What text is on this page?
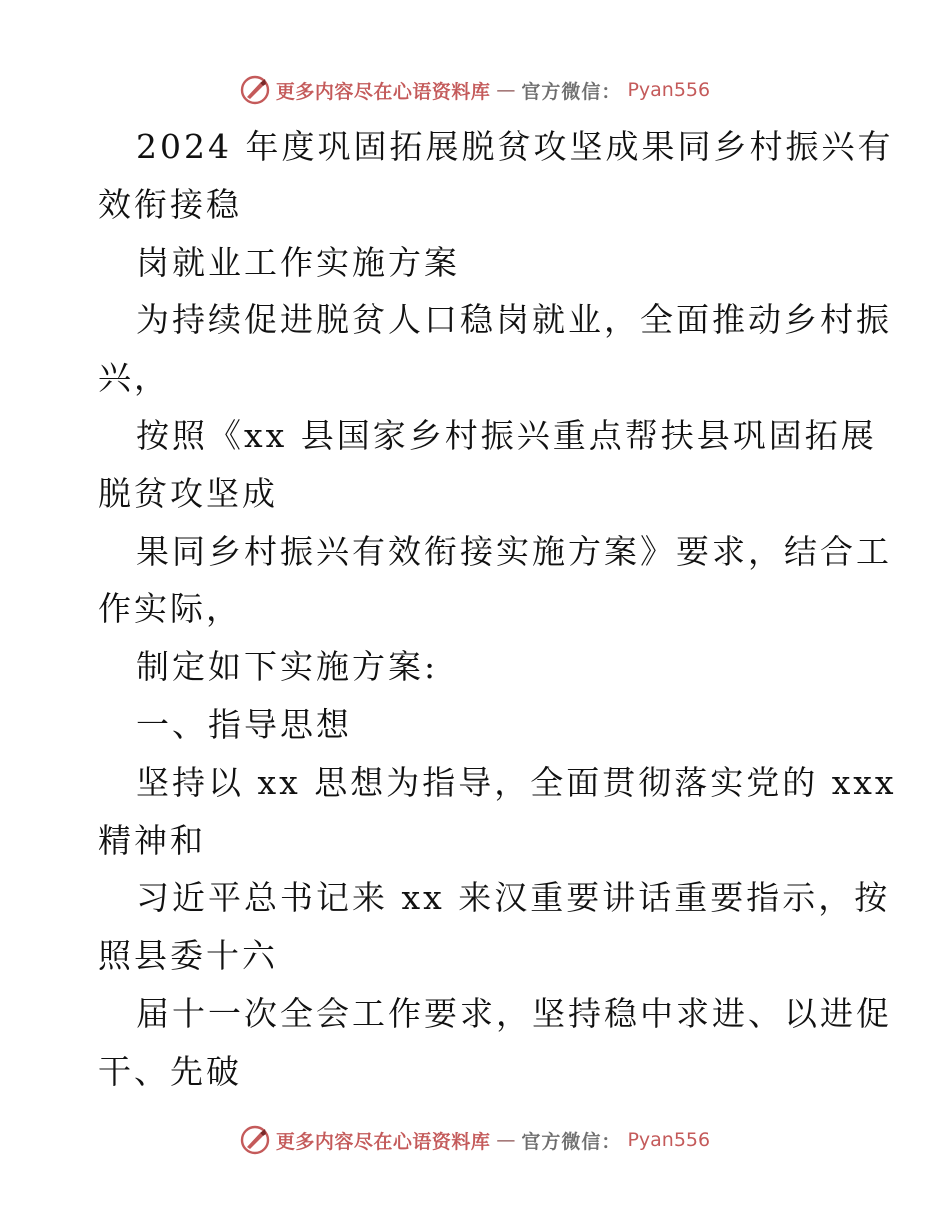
更多内容尽在心语资料库 — 官方微信： Pyan556
2024 年度巩固拓展脱贫攻坚成果同乡村振兴有
效衔接稳
岗就业工作实施方案
为持续促进脱贫人口稳岗就业，全面推动乡村振
兴，
按照《xx 县国家乡村振兴重点帮扶县巩固拓展
脱贫攻坚成
果同乡村振兴有效衔接实施方案》要求，结合工
作实际，
制定如下实施方案:
一、指导思想
坚持以 xx 思想为指导，全面贯彻落实党的 xxx
精神和
习近平总书记来 xx 来汉重要讲话重要指示，按
照县委十六
届十一次全会工作要求，坚持稳中求进、以进促
干、先破
更多内容尽在心语资料库 — 官方微信： Pyan556
